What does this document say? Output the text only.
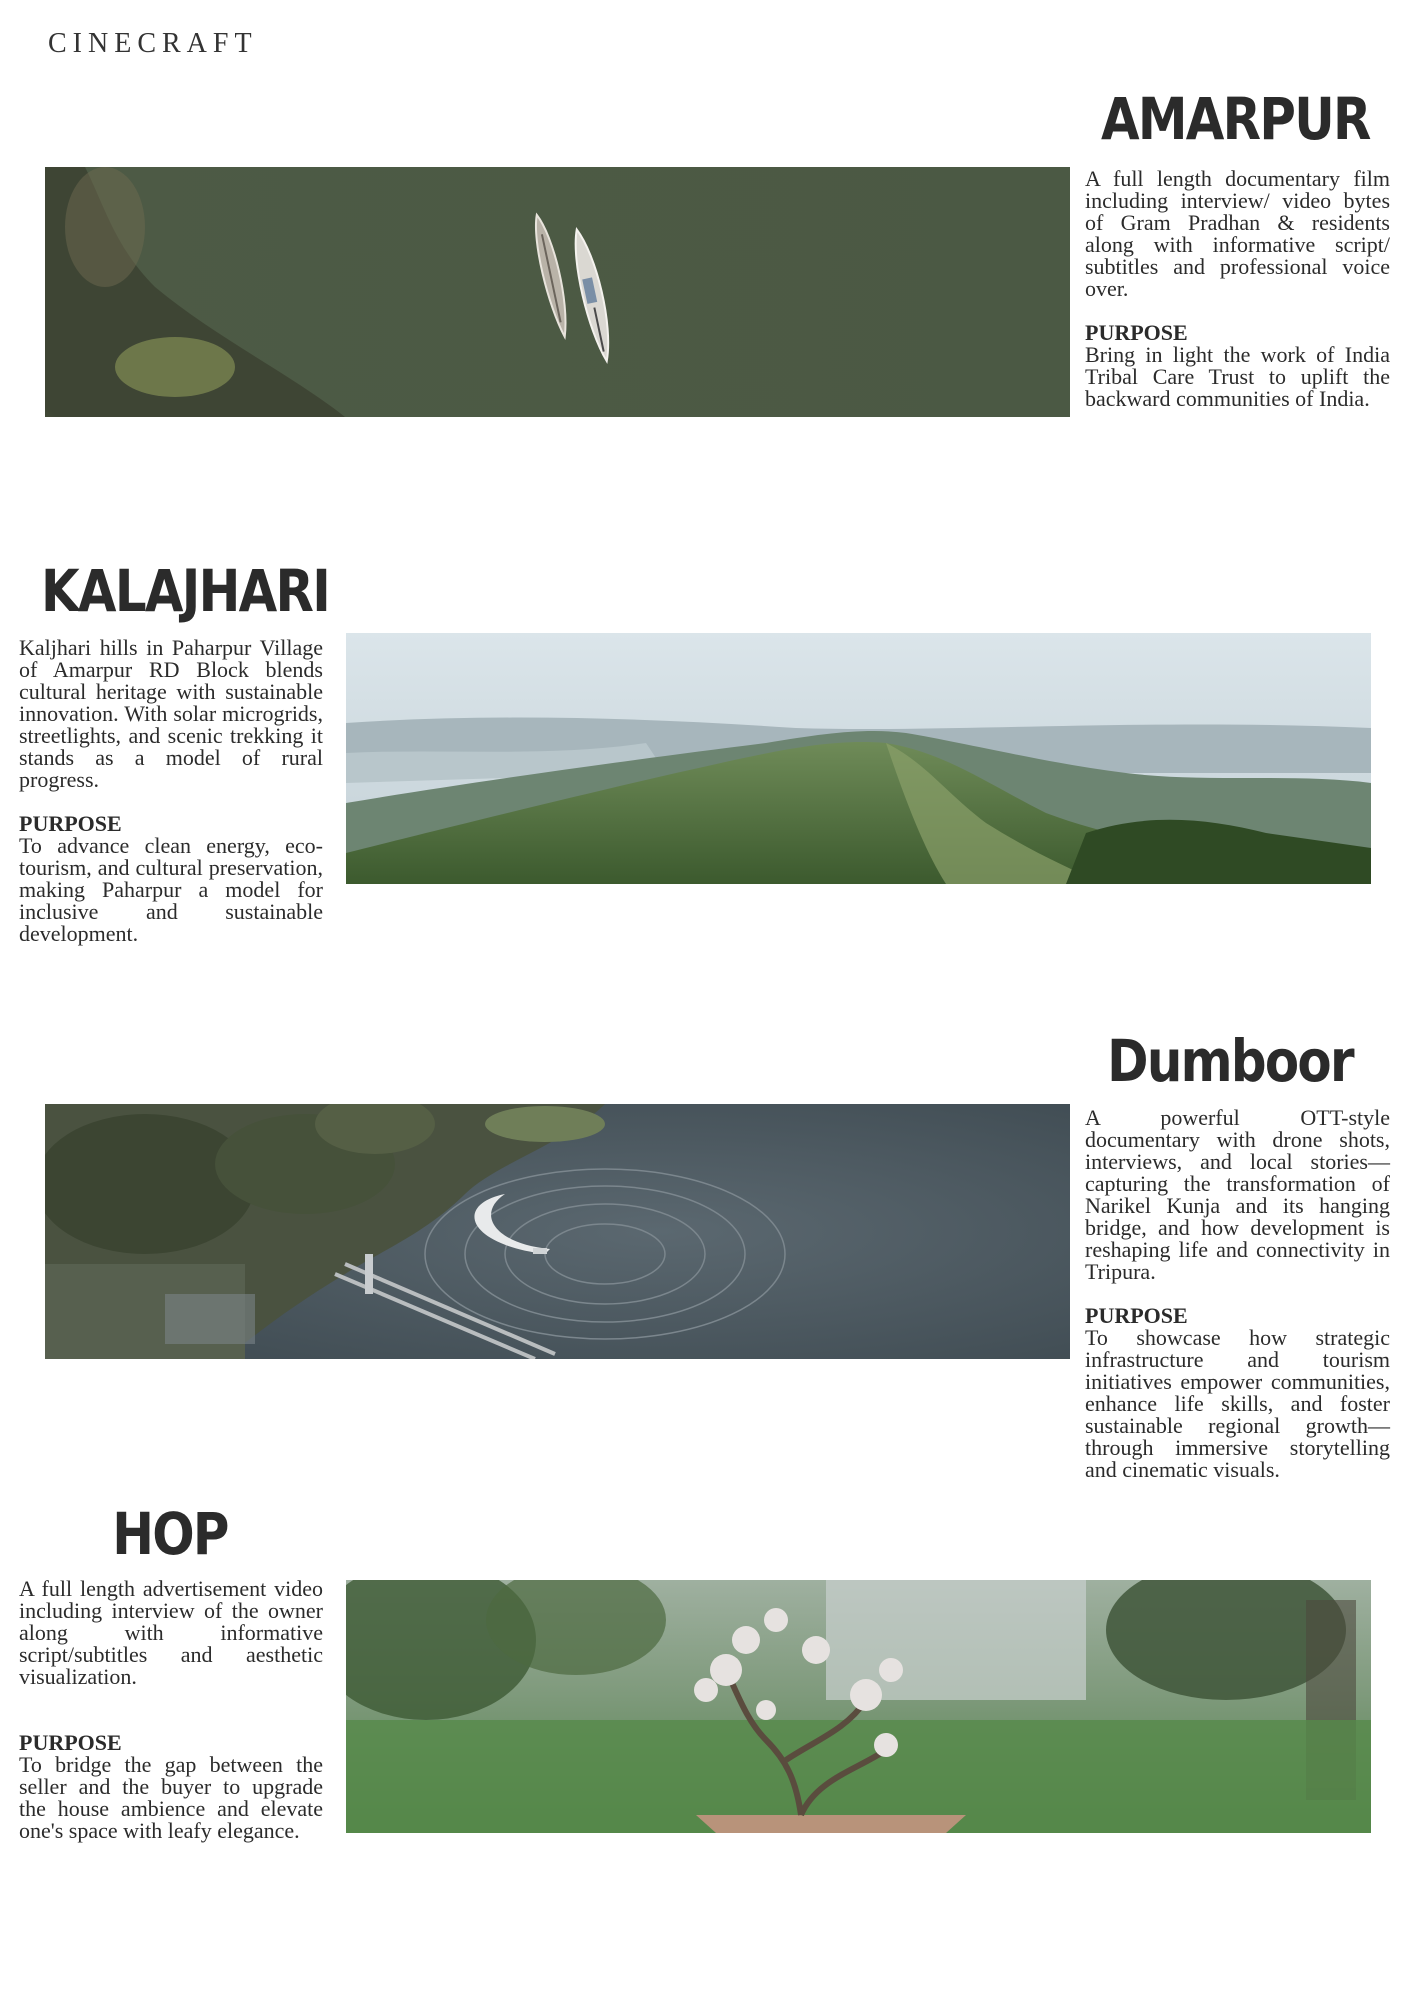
CINECRAFT
AMARPUR

A full length documentary film including interview/ video bytes of Gram Pradhan & residents along with informative script/ subtitles and professional voice over.

PURPOSE

Bring in light the work of India Tribal Care Trust to uplift the backward communities of India.

KALAJHARI

Kaljhari hills in Paharpur Village of Amarpur RD Block blends cultural heritage with sustainable innovation. With solar microgrids, streetlights, and scenic trekking it stands as a model of rural progress.

PURPOSE

To advance clean energy, eco-tourism, and cultural preservation, making Paharpur a model for inclusive and sustainable development.

Dumboor

A powerful OTT-style documentary with drone shots, interviews, and local stories—capturing the transformation of Narikel Kunja and its hanging bridge, and how development is reshaping life and connectivity in Tripura.

PURPOSE

To showcase how strategic infrastructure and tourism initiatives empower communities, enhance life skills, and foster sustainable regional growth—through immersive storytelling and cinematic visuals.

HOP

A full length advertisement video including interview of the owner along with informative script/subtitles and aesthetic visualization.

PURPOSE

To bridge the gap between the seller and the buyer to upgrade the house ambience and elevate one's space with leafy elegance.
